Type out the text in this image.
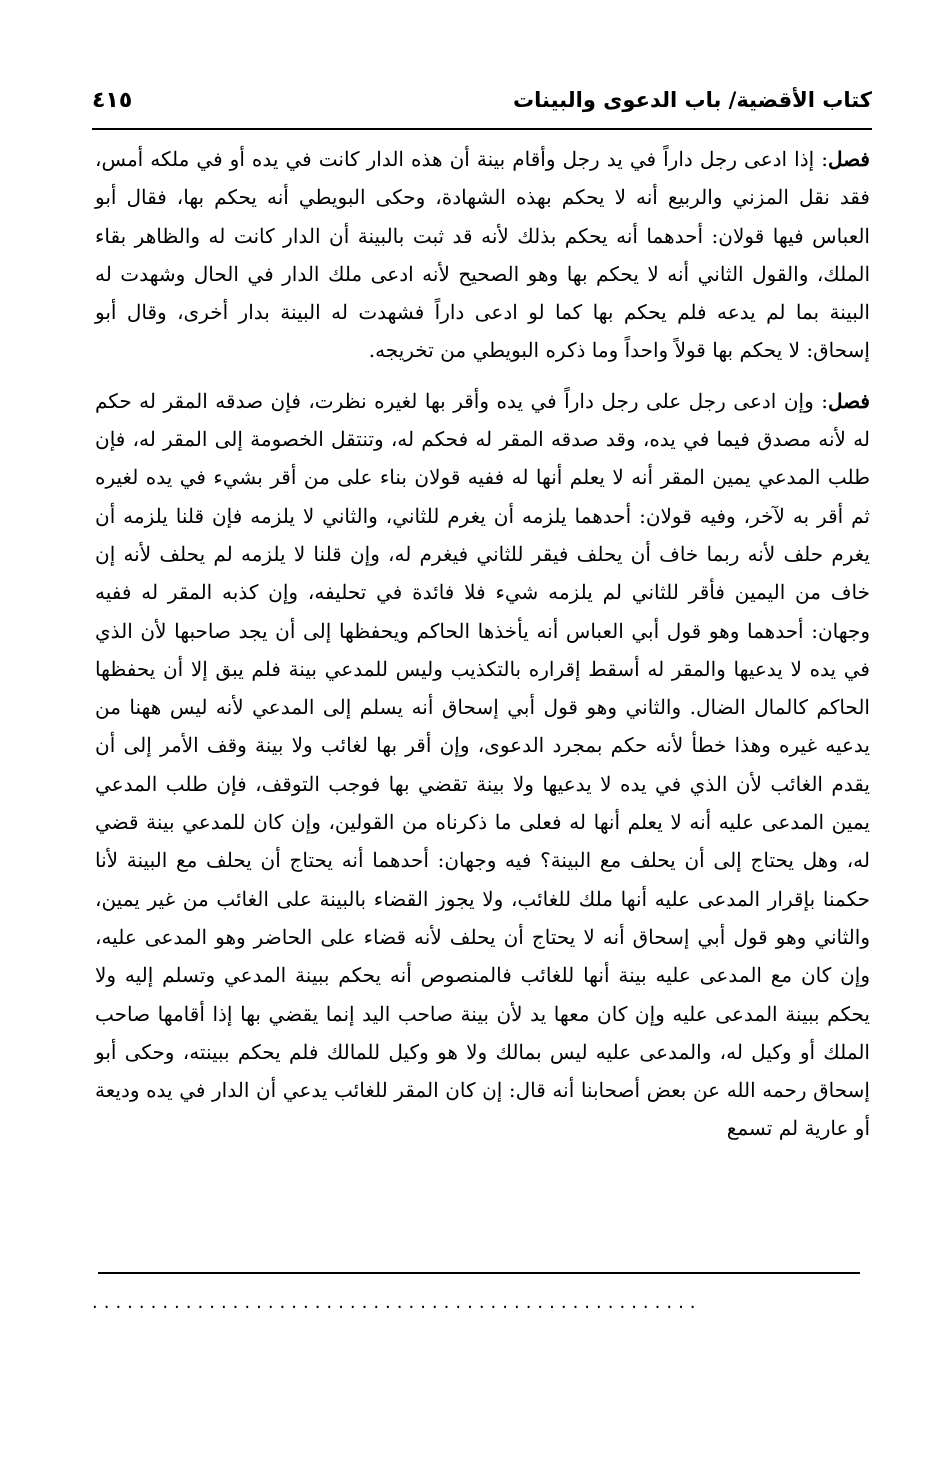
كتاب الأقضية/ باب الدعوى والبينات
٤١٥

فصل: إذا ادعى رجل داراً في يد رجل وأقام بينة أن هذه الدار كانت في يده أو في ملكه أمس، فقد نقل المزني والربيع أنه لا يحكم بهذه الشهادة، وحكى البويطي أنه يحكم بها، فقال أبو العباس فيها قولان: أحدهما أنه يحكم بذلك لأنه قد ثبت بالبينة أن الدار كانت له والظاهر بقاء الملك، والقول الثاني أنه لا يحكم بها وهو الصحيح لأنه ادعى ملك الدار في الحال وشهدت له البينة بما لم يدعه فلم يحكم بها كما لو ادعى داراً فشهدت له البينة بدار أخرى، وقال أبو إسحاق: لا يحكم بها قولاً واحداً وما ذكره البويطي من تخريجه.

فصل: وإن ادعى رجل على رجل داراً في يده وأقر بها لغيره نظرت، فإن صدقه المقر له حكم له لأنه مصدق فيما في يده، وقد صدقه المقر له فحكم له، وتنتقل الخصومة إلى المقر له، فإن طلب المدعي يمين المقر أنه لا يعلم أنها له ففيه قولان بناء على من أقر بشيء في يده لغيره ثم أقر به لآخر، وفيه قولان: أحدهما يلزمه أن يغرم للثاني، والثاني لا يلزمه فإن قلنا يلزمه أن يغرم حلف لأنه ربما خاف أن يحلف فيقر للثاني فيغرم له، وإن قلنا لا يلزمه لم يحلف لأنه إن خاف من اليمين فأقر للثاني لم يلزمه شيء فلا فائدة في تحليفه، وإن كذبه المقر له ففيه وجهان: أحدهما وهو قول أبي العباس أنه يأخذها الحاكم ويحفظها إلى أن يجد صاحبها لأن الذي في يده لا يدعيها والمقر له أسقط إقراره بالتكذيب وليس للمدعي بينة فلم يبق إلا أن يحفظها الحاكم كالمال الضال. والثاني وهو قول أبي إسحاق أنه يسلم إلى المدعي لأنه ليس ههنا من يدعيه غيره وهذا خطأ لأنه حكم بمجرد الدعوى، وإن أقر بها لغائب ولا بينة وقف الأمر إلى أن يقدم الغائب لأن الذي في يده لا يدعيها ولا بينة تقضي بها فوجب التوقف، فإن طلب المدعي يمين المدعى عليه أنه لا يعلم أنها له فعلى ما ذكرناه من القولين، وإن كان للمدعي بينة قضي له، وهل يحتاج إلى أن يحلف مع البينة؟ فيه وجهان: أحدهما أنه يحتاج أن يحلف مع البينة لأنا حكمنا بإقرار المدعى عليه أنها ملك للغائب، ولا يجوز القضاء بالبينة على الغائب من غير يمين، والثاني وهو قول أبي إسحاق أنه لا يحتاج أن يحلف لأنه قضاء على الحاضر وهو المدعى عليه، وإن كان مع المدعى عليه بينة أنها للغائب فالمنصوص أنه يحكم ببينة المدعي وتسلم إليه ولا يحكم ببينة المدعى عليه وإن كان معها يد لأن بينة صاحب اليد إنما يقضي بها إذا أقامها صاحب الملك أو وكيل له، والمدعى عليه ليس بمالك ولا هو وكيل للمالك فلم يحكم ببينته، وحكى أبو إسحاق رحمه الله عن بعض أصحابنا أنه قال: إن كان المقر للغائب يدعي أن الدار في يده وديعة أو عارية لم تسمع

....................................................
